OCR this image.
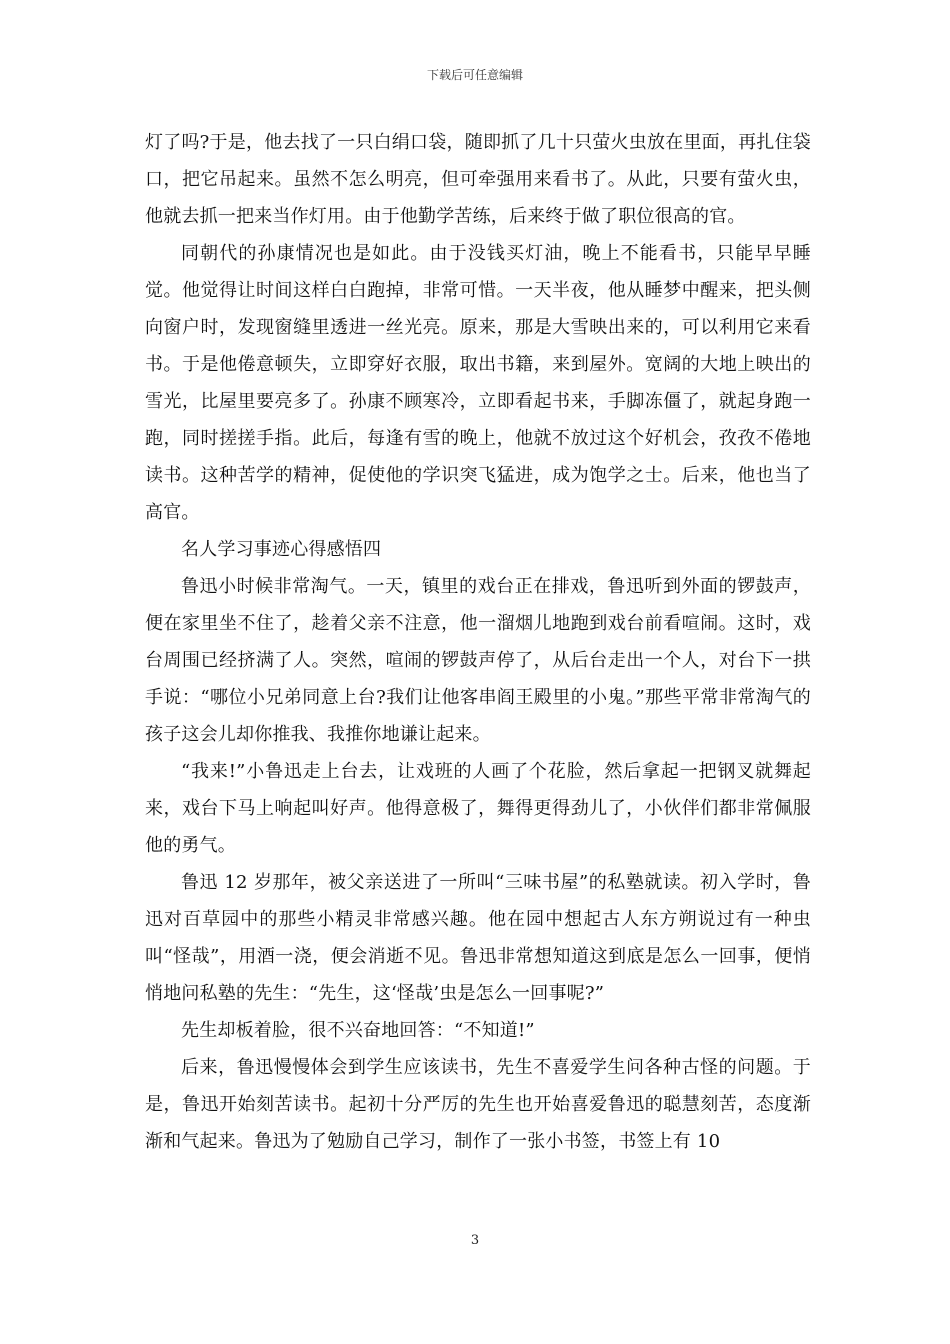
下载后可任意编辑

灯了吗?于是，他去找了一只白绢口袋，随即抓了几十只萤火虫放在里面，再扎住袋口，把它吊起来。虽然不怎么明亮，但可牵强用来看书了。从此，只要有萤火虫，他就去抓一把来当作灯用。由于他勤学苦练，后来终于做了职位很高的官。

同朝代的孙康情况也是如此。由于没钱买灯油，晚上不能看书，只能早早睡觉。他觉得让时间这样白白跑掉，非常可惜。一天半夜，他从睡梦中醒来，把头侧向窗户时，发现窗缝里透进一丝光亮。原来，那是大雪映出来的，可以利用它来看书。于是他倦意顿失，立即穿好衣服，取出书籍，来到屋外。宽阔的大地上映出的雪光，比屋里要亮多了。孙康不顾寒冷，立即看起书来，手脚冻僵了，就起身跑一跑，同时搓搓手指。此后，每逢有雪的晚上，他就不放过这个好机会，孜孜不倦地读书。这种苦学的精神，促使他的学识突飞猛进，成为饱学之士。后来，他也当了高官。

名人学习事迹心得感悟四

鲁迅小时候非常淘气。一天，镇里的戏台正在排戏，鲁迅听到外面的锣鼓声，便在家里坐不住了，趁着父亲不注意，他一溜烟儿地跑到戏台前看喧闹。这时，戏台周围已经挤满了人。突然，喧闹的锣鼓声停了，从后台走出一个人，对台下一拱手说：“哪位小兄弟同意上台?我们让他客串阎王殿里的小鬼。”那些平常非常淘气的孩子这会儿却你推我、我推你地谦让起来。

“我来!”小鲁迅走上台去，让戏班的人画了个花脸，然后拿起一把钢叉就舞起来，戏台下马上响起叫好声。他得意极了，舞得更得劲儿了，小伙伴们都非常佩服他的勇气。

鲁迅 12 岁那年，被父亲送进了一所叫“三味书屋”的私塾就读。初入学时，鲁迅对百草园中的那些小精灵非常感兴趣。他在园中想起古人东方朔说过有一种虫叫“怪哉”，用酒一浇，便会消逝不见。鲁迅非常想知道这到底是怎么一回事，便悄悄地问私塾的先生：“先生，这‘怪哉’虫是怎么一回事呢?”

先生却板着脸，很不兴奋地回答：“不知道!”

后来，鲁迅慢慢体会到学生应该读书，先生不喜爱学生问各种古怪的问题。于是，鲁迅开始刻苦读书。起初十分严厉的先生也开始喜爱鲁迅的聪慧刻苦，态度渐渐和气起来。鲁迅为了勉励自己学习，制作了一张小书签，书签上有 10

3
